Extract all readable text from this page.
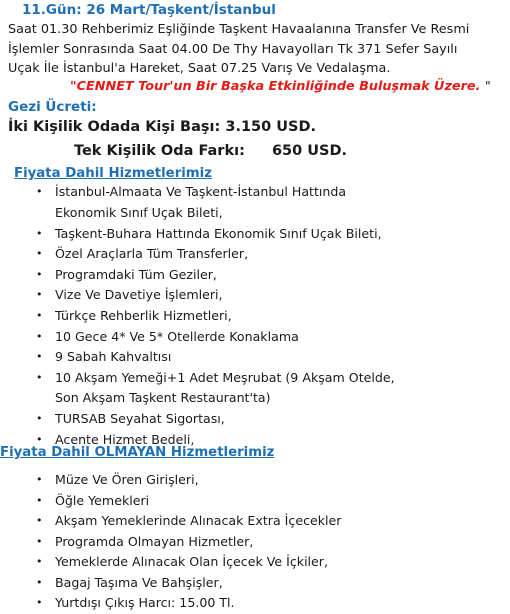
11.Gün: 26 Mart/Taşkent/İstanbul
Saat 01.30 Rehberimiz Eşliğinde Taşkent Havaalanına Transfer Ve Resmi
İşlemler Sonrasında Saat 04.00 De Thy Havayolları Tk 371 Sefer Sayılı
Uçak İle İstanbul'a Hareket, Saat 07.25 Varış Ve Vedalaşma.
"CENNET Tour'un Bir Başka Etkinliğinde Buluşmak Üzere. "
Gezi Ücreti:
İki Kişilik Odada Kişi Başı: 3.150 USD.
Tek Kişilik Oda Farkı: 650 USD.
Fiyata Dahil Hizmetlerimiz
• İstanbul-Almaata Ve Taşkent-İstanbul Hattında
Ekonomik Sınıf Uçak Bileti,
• Taşkent-Buhara Hattında Ekonomik Sınıf Uçak Bileti,
• Özel Araçlarla Tüm Transferler,
• Programdaki Tüm Geziler,
• Vize Ve Davetiye İşlemleri,
• Türkçe Rehberlik Hizmetleri,
• 10 Gece 4* Ve 5* Otellerde Konaklama
• 9 Sabah Kahvaltısı
• 10 Akşam Yemeği+1 Adet Meşrubat (9 Akşam Otelde,
Son Akşam Taşkent Restaurant'ta)
• TURSAB Seyahat Sigortası,
• Acente Hizmet Bedeli,
Fiyata Dahil OLMAYAN Hizmetlerimiz
• Müze Ve Ören Girişleri,
• Öğle Yemekleri
• Akşam Yemeklerinde Alınacak Extra İçecekler
• Programda Olmayan Hizmetler,
• Yemeklerde Alınacak Olan İçecek Ve İçkiler,
• Bagaj Taşıma Ve Bahşişler,
• Yurtdışı Çıkış Harcı: 15.00 Tl.
